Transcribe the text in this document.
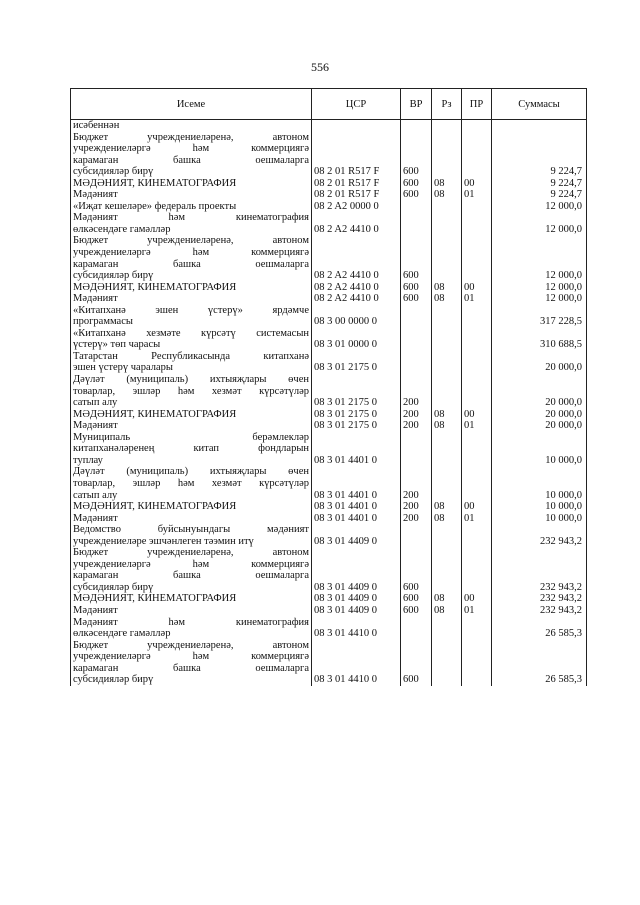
556
Исеме	ЦСР	ВР	Рз	ПР	Суммасы

исәбеннән					

Бюджет учреждениеләренә, автоном
учреждениеләргә һәм коммерциягә
карамаган башка оешмаларга
субсидияләр бирү	08 2 01 R517 F	600			9 224,7

МӘДӘНИЯТ, КИНЕМАТОГРАФИЯ	08 2 01 R517 F	600	08	00	9 224,7

Мәдәният	08 2 01 R517 F	600	08	01	9 224,7

«Иҗат кешеләре» федераль проекты	08 2 A2 0000 0				12 000,0

Мәдәният һәм кинематография
өлкәсендәге гамәлләр	08 2 A2 4410 0				12 000,0

Бюджет учреждениеләренә, автоном
учреждениеләргә һәм коммерциягә
карамаган башка оешмаларга
субсидияләр бирү	08 2 A2 4410 0	600			12 000,0

МӘДӘНИЯТ, КИНЕМАТОГРАФИЯ	08 2 A2 4410 0	600	08	00	12 000,0

Мәдәният	08 2 A2 4410 0	600	08	01	12 000,0

«Китапханә эшен үстерү» ярдәмче
программасы	08 3 00 0000 0				317 228,5

«Китапханә хезмәте күрсәтү системасын
үстерү» төп чарасы	08 3 01 0000 0				310 688,5

Татарстан Республикасында китапханә
эшен үстерү чаралары	08 3 01 2175 0				20 000,0

Дәүләт (муниципаль) ихтыяҗлары өчен
товарлар, эшләр һәм хезмәт күрсәтүләр
сатып алу	08 3 01 2175 0	200			20 000,0

МӘДӘНИЯТ, КИНЕМАТОГРАФИЯ	08 3 01 2175 0	200	08	00	20 000,0

Мәдәният	08 3 01 2175 0	200	08	01	20 000,0

Муниципаль берәмлекләр
китапханәләренең китап фондларын
туплау	08 3 01 4401 0				10 000,0

Дәүләт (муниципаль) ихтыяҗлары өчен
товарлар, эшләр һәм хезмәт күрсәтүләр
сатып алу	08 3 01 4401 0	200			10 000,0

МӘДӘНИЯТ, КИНЕМАТОГРАФИЯ	08 3 01 4401 0	200	08	00	10 000,0

Мәдәният	08 3 01 4401 0	200	08	01	10 000,0

Ведомство буйсынуындагы мәдәният
учреждениеләре эшчәнлеген тәэмин итү	08 3 01 4409 0				232 943,2

Бюджет учреждениеләренә, автоном
учреждениеләргә һәм коммерциягә
карамаган башка оешмаларга
субсидияләр бирү	08 3 01 4409 0	600			232 943,2

МӘДӘНИЯТ, КИНЕМАТОГРАФИЯ	08 3 01 4409 0	600	08	00	232 943,2

Мәдәният	08 3 01 4409 0	600	08	01	232 943,2

Мәдәният һәм кинематография
өлкәсендәге гамәлләр	08 3 01 4410 0				26 585,3

Бюджет учреждениеләренә, автоном
учреждениеләргә һәм коммерциягә
карамаган башка оешмаларга
субсидияләр бирү	08 3 01 4410 0	600			26 585,3
